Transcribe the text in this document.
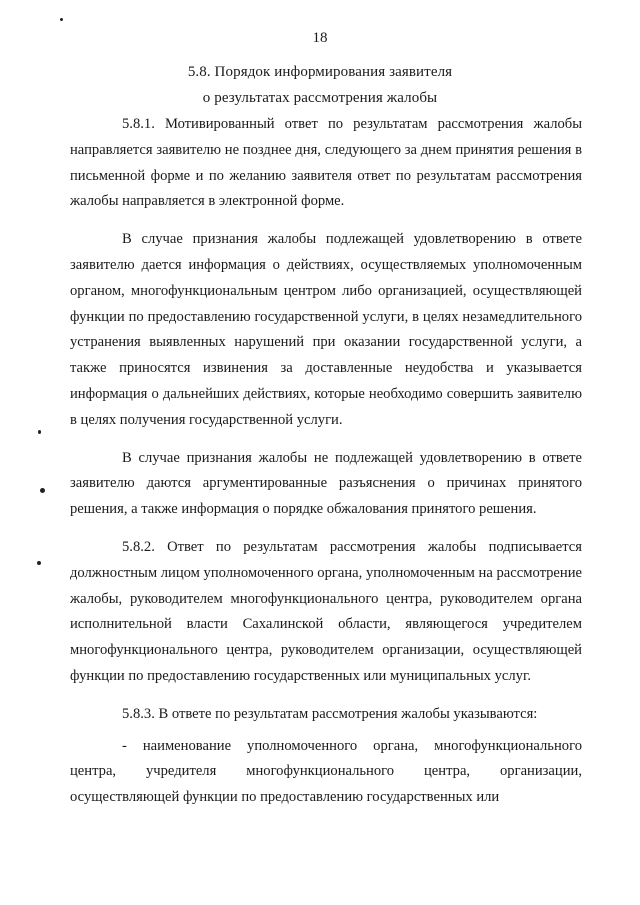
18
5.8. Порядок информирования заявителя
о результатах рассмотрения жалобы

5.8.1. Мотивированный ответ по результатам рассмотрения жалобы направляется заявителю не позднее дня, следующего за днем принятия решения в письменной форме и по желанию заявителя ответ по результатам рассмотрения жалобы направляется в электронной форме.

В случае признания жалобы подлежащей удовлетворению в ответе заявителю дается информация о действиях, осуществляемых уполномоченным органом, многофункциональным центром либо организацией, осуществляющей функции по предоставлению государственной услуги, в целях незамедлительного устранения выявленных нарушений при оказании государственной услуги, а также приносятся извинения за доставленные неудобства и указывается информация о дальнейших действиях, которые необходимо совершить заявителю в целях получения государственной услуги.

В случае признания жалобы не подлежащей удовлетворению в ответе заявителю даются аргументированные разъяснения о причинах принятого решения, а также информация о порядке обжалования принятого решения.

5.8.2. Ответ по результатам рассмотрения жалобы подписывается должностным лицом уполномоченного органа, уполномоченным на рассмотрение жалобы, руководителем многофункционального центра, руководителем органа исполнительной власти Сахалинской области, являющегося учредителем многофункционального центра, руководителем организации, осуществляющей функции по предоставлению государственных или муниципальных услуг.

5.8.3. В ответе по результатам рассмотрения жалобы указываются:

- наименование уполномоченного органа, многофункционального центра, учредителя многофункционального центра, организации, осуществляющей функции по предоставлению государственных или
